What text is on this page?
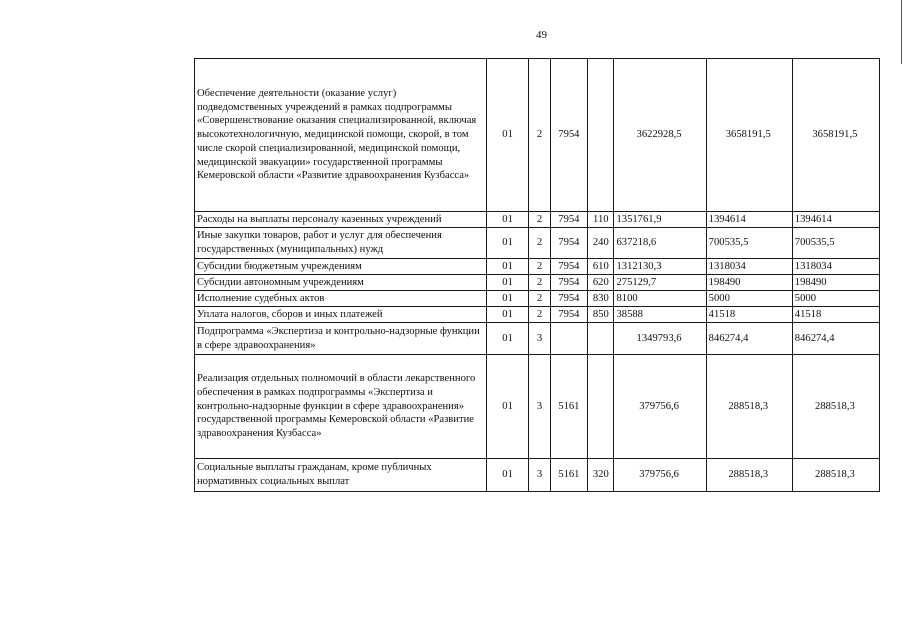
49
Обеспечение деятельности (оказание услуг) подведомственных учреждений в рамках подпрограммы «Совершенствование оказания специализированной, включая высокотехнологичную, медицинской помощи, скорой, в том числе скорой специализированной, медицинской помощи, медицинской эвакуации» государственной программы Кемеровской области «Развитие здравоохранения Кузбасса»	01	2	7954		3622928,5	3658191,5	3658191,5
Расходы на выплаты персоналу казенных учреждений	01	2	7954	110	1351761,9	1394614	1394614
Иные закупки товаров, работ и услуг для обеспечения государственных (муниципальных) нужд	01	2	7954	240	637218,6	700535,5	700535,5
Субсидии бюджетным учреждениям	01	2	7954	610	1312130,3	1318034	1318034
Субсидии автономным учреждениям	01	2	7954	620	275129,7	198490	198490
Исполнение судебных актов	01	2	7954	830	8100	5000	5000
Уплата налогов, сборов и иных платежей	01	2	7954	850	38588	41518	41518
Подпрограмма «Экспертиза и контрольно-надзорные функции в сфере здравоохранения»	01	3			1349793,6	846274,4	846274,4
Реализация отдельных полномочий в области лекарственного обеспечения в рамках подпрограммы «Экспертиза и контрольно-надзорные функции в сфере здравоохранения» государственной программы Кемеровской области «Развитие здравоохранения Кузбасса»	01	3	5161		379756,6	288518,3	288518,3
Социальные выплаты гражданам, кроме публичных нормативных социальных выплат	01	3	5161	320	379756,6	288518,3	288518,3
